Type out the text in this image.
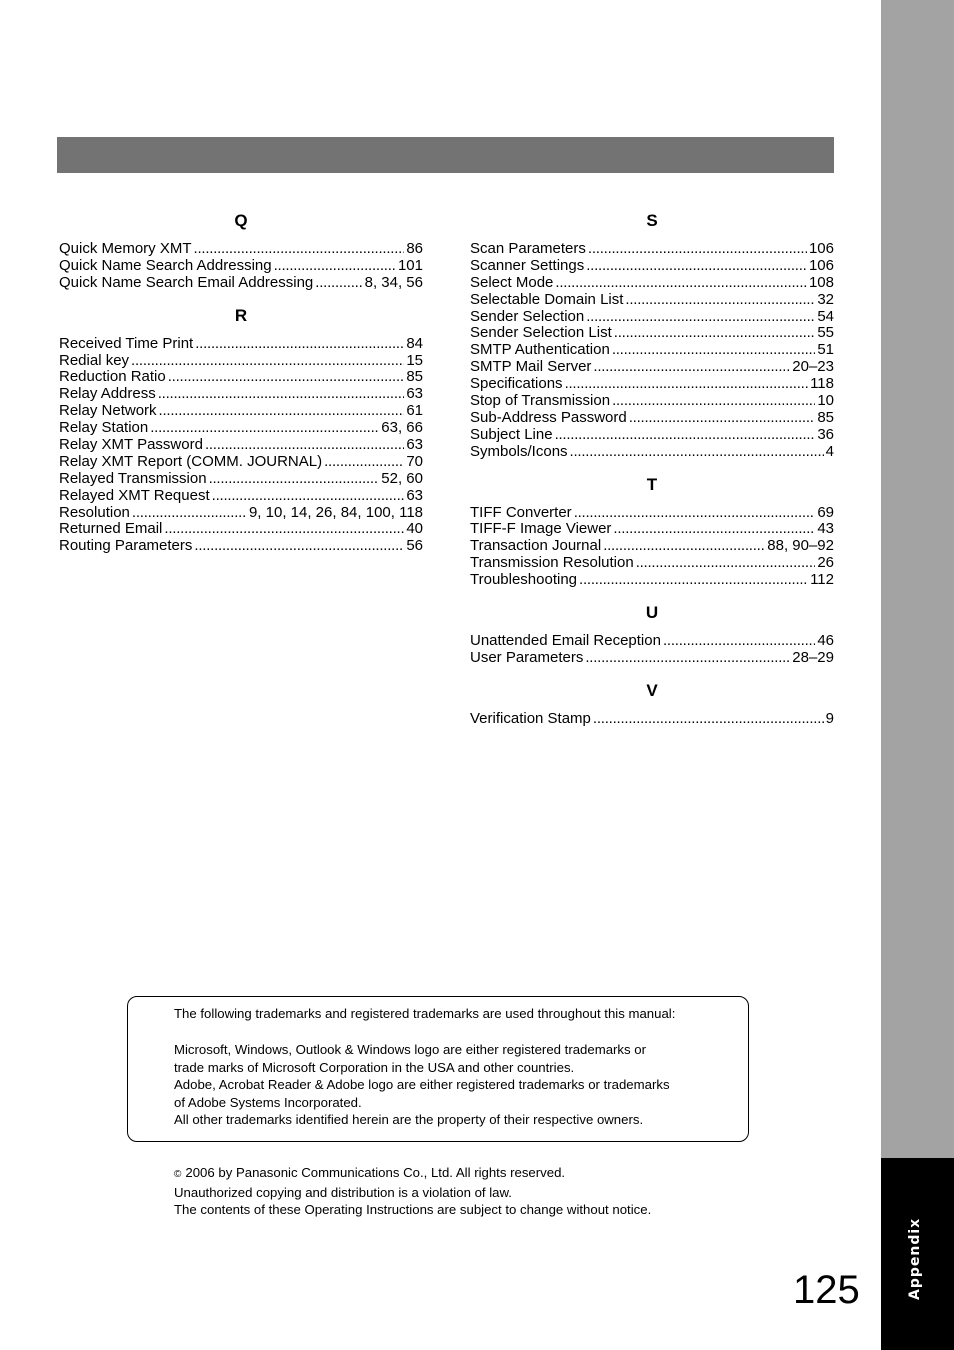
Appendix
Q
Quick Memory XMT . . .	86
Quick Name Search Addressing . . .	101
Quick Name Search Email Addressing . . .	8, 34, 56
R
Received Time Print . . .	84
Redial key . . .	15
Reduction Ratio . . .	85
Relay Address . . .	63
Relay Network . . .	61
Relay Station . . .	63, 66
Relay XMT Password . . .	63
Relay XMT Report (COMM. JOURNAL) . . .	70
Relayed Transmission . . .	52, 60
Relayed XMT Request . . .	63
Resolution . . .	9, 10, 14, 26, 84, 100, 118
Returned Email . . .	40
Routing Parameters . . .	56
S
Scan Parameters . . .	106
Scanner Settings . . .	106
Select Mode . . .	108
Selectable Domain List . . .	32
Sender Selection . . .	54
Sender Selection List . . .	55
SMTP Authentication . . .	51
SMTP Mail Server . . .	20–23
Specifications . . .	118
Stop of Transmission . . .	10
Sub-Address Password . . .	85
Subject Line . . .	36
Symbols/Icons . . .	4
T
TIFF Converter . . .	69
TIFF-F Image Viewer . . .	43
Transaction Journal . . .	88, 90–92
Transmission Resolution . . .	26
Troubleshooting . . .	112
U
Unattended Email Reception . . .	46
User Parameters . . .	28–29
V
Verification Stamp . . .	9

The following trademarks and registered trademarks are used throughout this manual:

Microsoft, Windows, Outlook & Windows logo are either registered trademarks or

trade marks of Microsoft Corporation in the USA and other countries.

Adobe, Acrobat Reader & Adobe logo are either registered trademarks or trademarks

of Adobe Systems Incorporated.

All other trademarks identified herein are the property of their respective owners.

© 2006 by Panasonic Communications Co., Ltd. All rights reserved.

Unauthorized copying and distribution is a violation of law.

The contents of these Operating Instructions are subject to change without notice.

125
